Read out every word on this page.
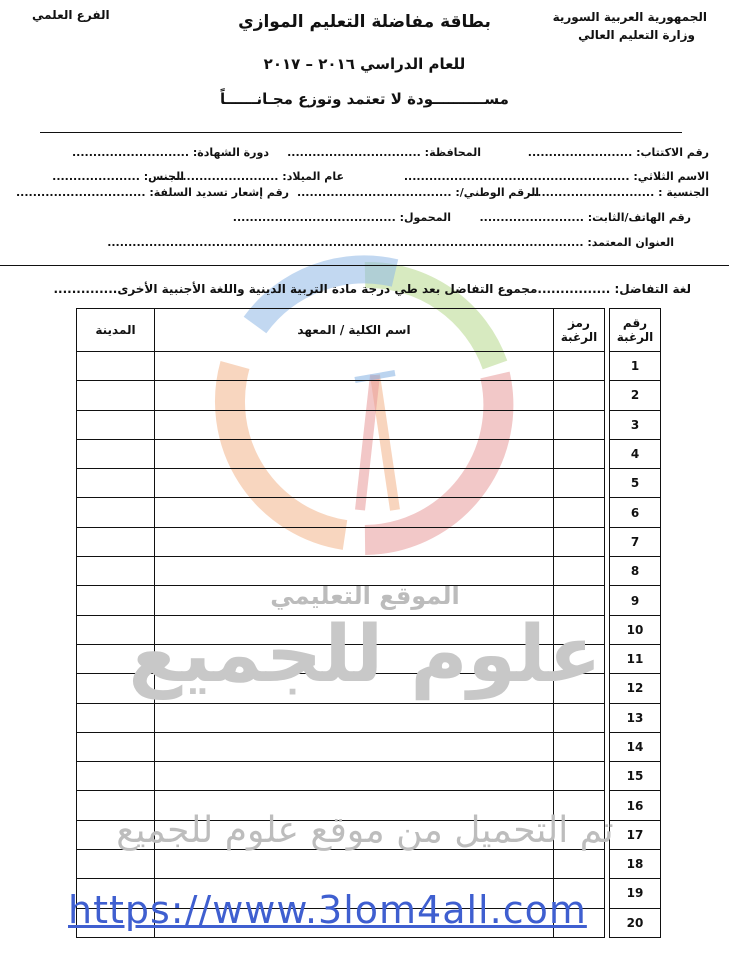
الجمهورية العربية السورية
وزارة التعليم العالي
الفرع العلمي	بطاقة مفاضلة التعليم الموازي
للعام الدراسي ٢٠١٦ – ٢٠١٧
مســــــــــودة لا تعتمد وتوزع مجـانــــــاً
رقم الاكتتاب: .........................
المحافظة: ................................
دورة الشهادة: ............................
الاسم الثلاثي: ......................................................
عام الميلاد: .............................
الجنس: .....................
الجنسية : ..............................
الرقم الوطني/: .....................................
رقم إشعار تسديد السلفة: ...............................
رقم الهاتف/الثابت: .........................
المحمول: .......................................
العنوان المعتمد: ..................................................................................................................
لغة التفاضل: ................مجموع التفاضل بعد طي درجة مادة التربية الدينية واللغة الأجنبية الأخرى..............
رقم الرغبة		رمز الرغبة	اسم الكلية / المعهد	المدينة
1				
2				
3				
4				
5				
6				
7				
8				
9				
10				
11				
12				
13				
14				
15				
16				
17				
18				
19				
20				
الموقع التعليمي
علوم للجميع
تم التحميل من موقع علوم للجميع
https://www.3lom4all.com
